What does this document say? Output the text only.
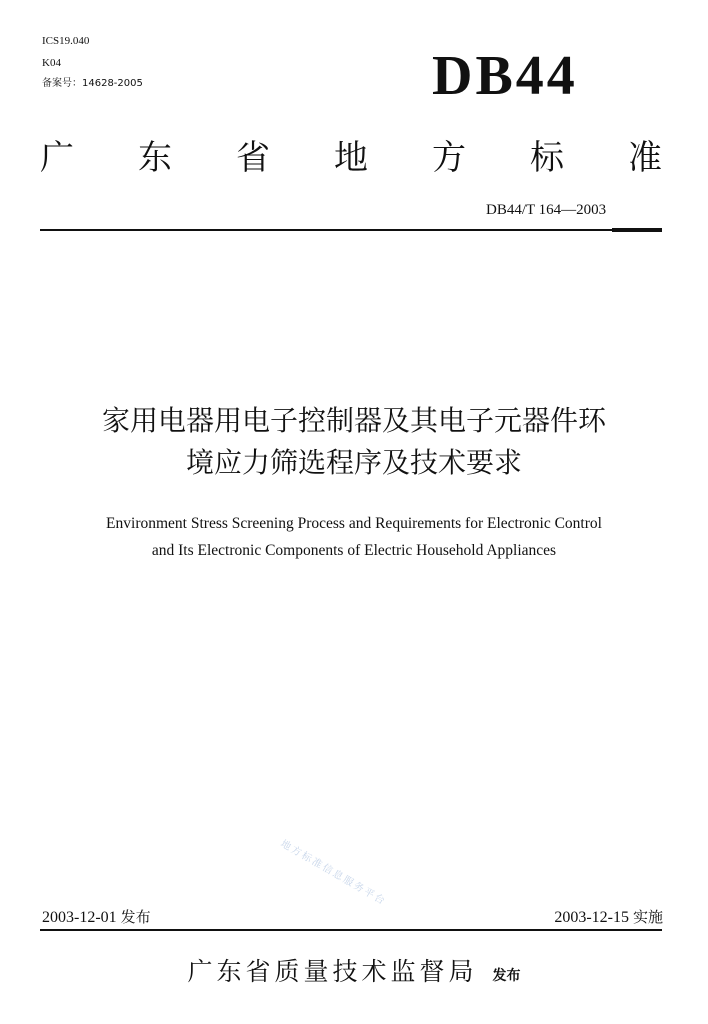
ICS19.040
K04
备案号：14628-2005	DB44
广 东 省 地 方 标 准
DB44/T 164—2003
家用电器用电子控制器及其电子元器件环
境应力筛选程序及技术要求
Environment Stress Screening Process and Requirements for Electronic Control
and Its Electronic Components of Electric Household Appliances
地方标准信息服务平台
2003-12-01 发布	2003-12-15 实施
广东省质量技术监督局 发布
